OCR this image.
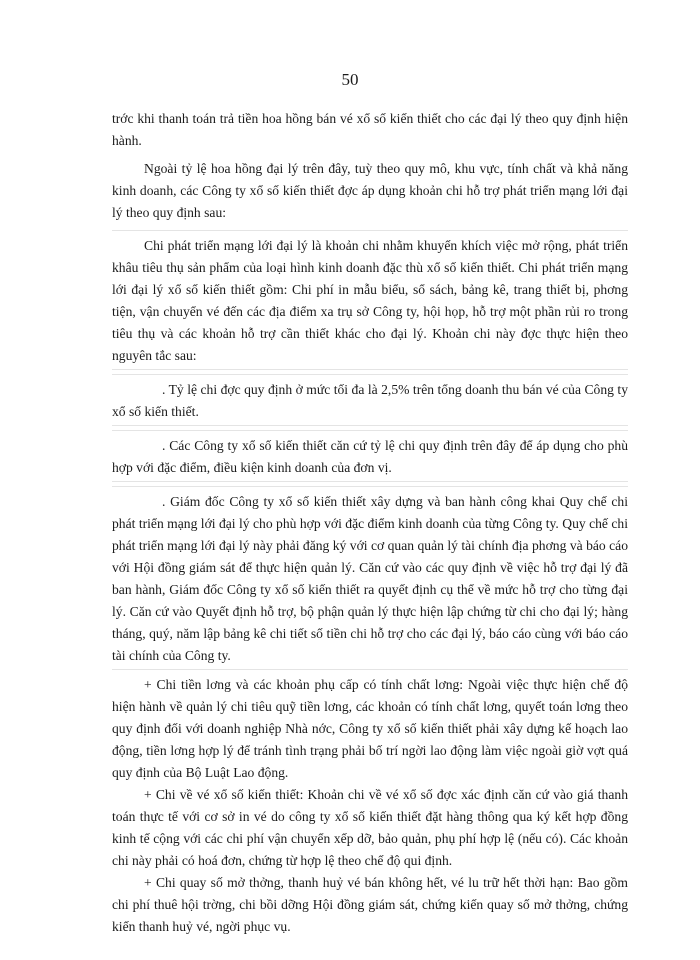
50

trớc khi thanh toán trả tiền hoa hồng bán vé xổ số kiến thiết cho các đại lý theo quy định hiện hành.

Ngoài tỷ lệ hoa hồng đại lý trên đây, tuỳ theo quy mô, khu vực, tính chất và khả năng kinh doanh, các Công ty xổ số kiến thiết đợc áp dụng khoản chi hỗ trợ phát triển mạng lới đại lý theo quy định sau:

Chi phát triển mạng lới đại lý là khoản chi nhằm khuyến khích việc mở rộng, phát triển khâu tiêu thụ sản phẩm của loại hình kinh doanh đặc thù xổ số kiến thiết. Chi phát triển mạng lới đại lý xổ số kiến thiết gồm: Chi phí in mẫu biểu, sổ sách, bảng kê, trang thiết bị, phơng tiện, vận chuyển vé đến các địa điểm xa trụ sở Công ty, hội họp, hỗ trợ một phần rủi ro trong tiêu thụ và các khoản hỗ trợ cần thiết khác cho đại lý. Khoản chi này đợc thực hiện theo nguyên tắc sau:

. Tỷ lệ chi đợc quy định ở mức tối đa là 2,5% trên tổng doanh thu bán vé của Công ty xổ số kiến thiết.

. Các Công ty xổ số kiến thiết căn cứ tỷ lệ chi quy định trên đây để áp dụng cho phù hợp với đặc điểm, điều kiện kinh doanh của đơn vị.

. Giám đốc Công ty xổ số kiến thiết xây dựng và ban hành công khai Quy chế chi phát triển mạng lới đại lý cho phù hợp với đặc điểm kinh doanh của từng Công ty. Quy chế chi phát triển mạng lới đại lý này phải đăng ký với cơ quan quản lý tài chính địa phơng và báo cáo với Hội đồng giám sát để thực hiện quản lý. Căn cứ vào các quy định về việc hỗ trợ đại lý đã ban hành, Giám đốc Công ty xổ số kiến thiết ra quyết định cụ thể về mức hỗ trợ cho từng đại lý. Căn cứ vào Quyết định hỗ trợ, bộ phận quản lý thực hiện lập chứng từ chi cho đại lý; hàng tháng, quý, năm lập bảng kê chi tiết số tiền chi hỗ trợ cho các đại lý, báo cáo cùng với báo cáo tài chính của Công ty.

+ Chi tiền lơng và các khoản phụ cấp có tính chất lơng: Ngoài việc thực hiện chế độ hiện hành về quản lý chi tiêu quỹ tiền lơng, các khoản có tính chất lơng, quyết toán lơng theo quy định đối với doanh nghiệp Nhà nớc, Công ty xổ số kiến thiết phải xây dựng kế hoạch lao động, tiền lơng hợp lý để tránh tình trạng phải bố trí ngời lao động làm việc ngoài giờ vợt quá quy định của Bộ Luật Lao động.

+ Chi về vé xổ số kiến thiết: Khoản chi về vé xổ số đợc xác định căn cứ vào giá thanh toán thực tế với cơ sở in vé do công ty xổ số kiến thiết đặt hàng thông qua ký kết hợp đồng kinh tế cộng với các chi phí vận chuyển xếp dỡ, bảo quản, phụ phí hợp lệ (nếu có). Các khoản chi này phải có hoá đơn, chứng từ hợp lệ theo chế độ qui định.

+ Chi quay số mở thởng, thanh huỷ vé bán không hết, vé lu trữ hết thời hạn: Bao gồm chi phí thuê hội trờng, chi bồi dỡng Hội đồng giám sát, chứng kiến quay số mở thởng, chứng kiến thanh huỷ vé, ngời phục vụ.
